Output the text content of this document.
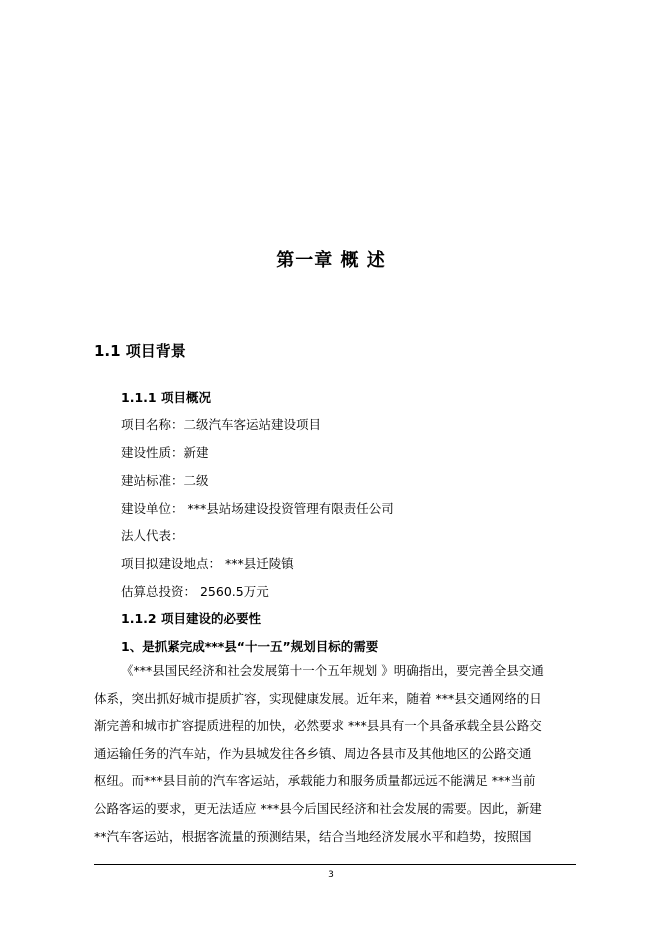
第一章 概 述
1.1 项目背景
1.1.1 项目概况
项目名称：二级汽车客运站建设项目
建设性质：新建
建站标准：二级
建设单位： ***县站场建设投资管理有限责任公司
法人代表：
项目拟建设地点： ***县迁陵镇
估算总投资： 2560.5万元
1.1.2 项目建设的必要性
1、是抓紧完成***县“十一五”规划目标的需要
《***县国民经济和社会发展第十一个五年规划 》明确指出，要完善全县交通
体系，突出抓好城市提质扩容，实现健康发展。近年来，随着 ***县交通网络的日
渐完善和城市扩容提质进程的加快，必然要求 ***县具有一个具备承载全县公路交
通运输任务的汽车站，作为县城发往各乡镇、周边各县市及其他地区的公路交通
枢纽。而***县目前的汽车客运站，承载能力和服务质量都远远不能满足 ***当前
公路客运的要求，更无法适应 ***县今后国民经济和社会发展的需要。因此，新建
**汽车客运站，根据客流量的预测结果，结合当地经济发展水平和趋势，按照国
3
